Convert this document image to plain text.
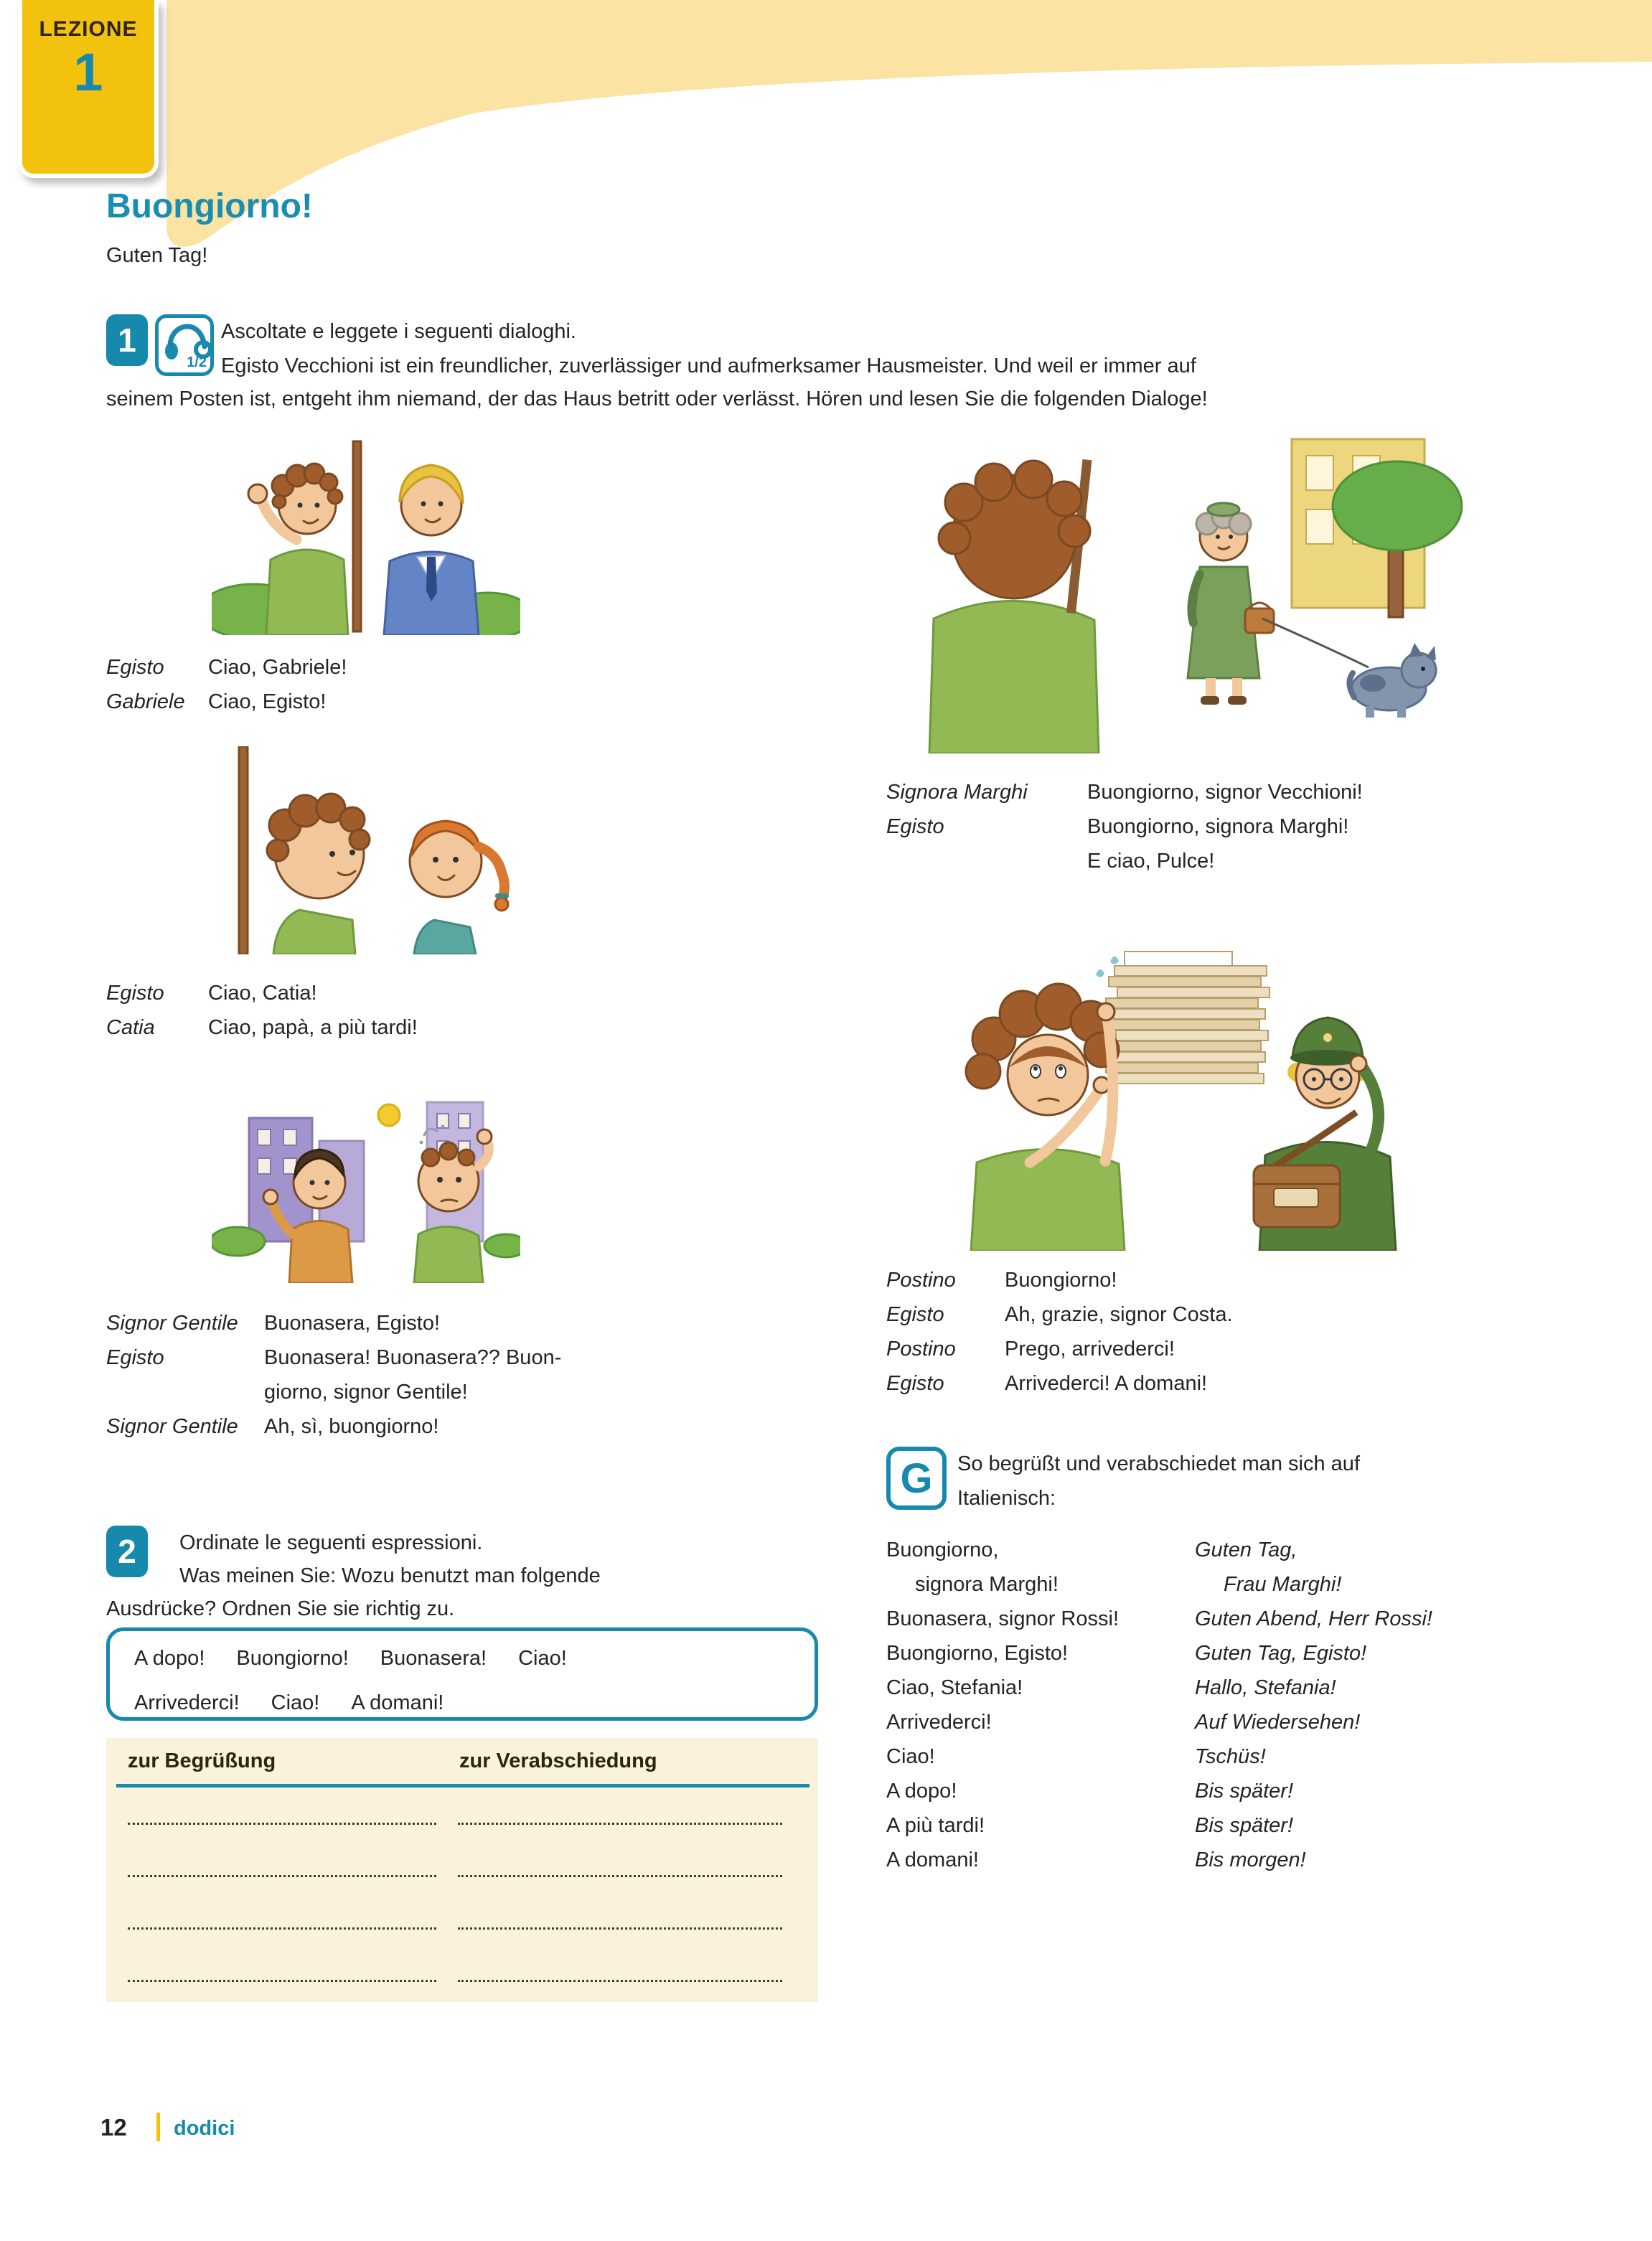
LEZIONE
1
Buongiorno!
Guten Tag!
1
1/2
Ascoltate e leggete i seguenti dialoghi.
Egisto Vecchioni ist ein freundlicher, zuverlässiger und aufmerksamer Hausmeister. Und weil er immer auf
seinem Posten ist, entgeht ihm niemand, der das Haus betritt oder verlässt. Hören und lesen Sie die folgenden Dialoge!
Egisto	Ciao, Gabriele!
Gabriele	Ciao, Egisto!
Signora Marghi	Buongiorno, signor Vecchioni!
Egisto	Buongiorno, signora Marghi!
E ciao, Pulce!
Egisto	Ciao, Catia!
Catia	Ciao, papà, a più tardi!
Postino	Buongiorno!
Egisto	Ah, grazie, signor Costa.
Postino	Prego, arrivederci!
Egisto	Arrivederci! A domani!
Signor Gentile	Buonasera, Egisto!
Egisto	Buonasera! Buonasera?? Buon-
giorno, signor Gentile!
Signor Gentile	Ah, sì, buongiorno!
G So begrüßt und verabschiedet man sich auf
Italienisch:
Buongiorno,	Guten Tag,
signora Marghi!	Frau Marghi!
Buonasera, signor Rossi!	Guten Abend, Herr Rossi!
Buongiorno, Egisto!	Guten Tag, Egisto!
Ciao, Stefania!	Hallo, Stefania!
Arrivederci!	Auf Wiedersehen!
Ciao!	Tschüs!
A dopo!	Bis später!
A più tardi!	Bis später!
A domani!	Bis morgen!
2 Ordinate le seguenti espressioni.
Was meinen Sie: Wozu benutzt man folgende
Ausdrücke? Ordnen Sie sie richtig zu.
A dopo! Buongiorno! Buonasera! Ciao!
Arrivederci! Ciao! A domani!
zur Begrüßung	zur Verabschiedung
12 dodici
